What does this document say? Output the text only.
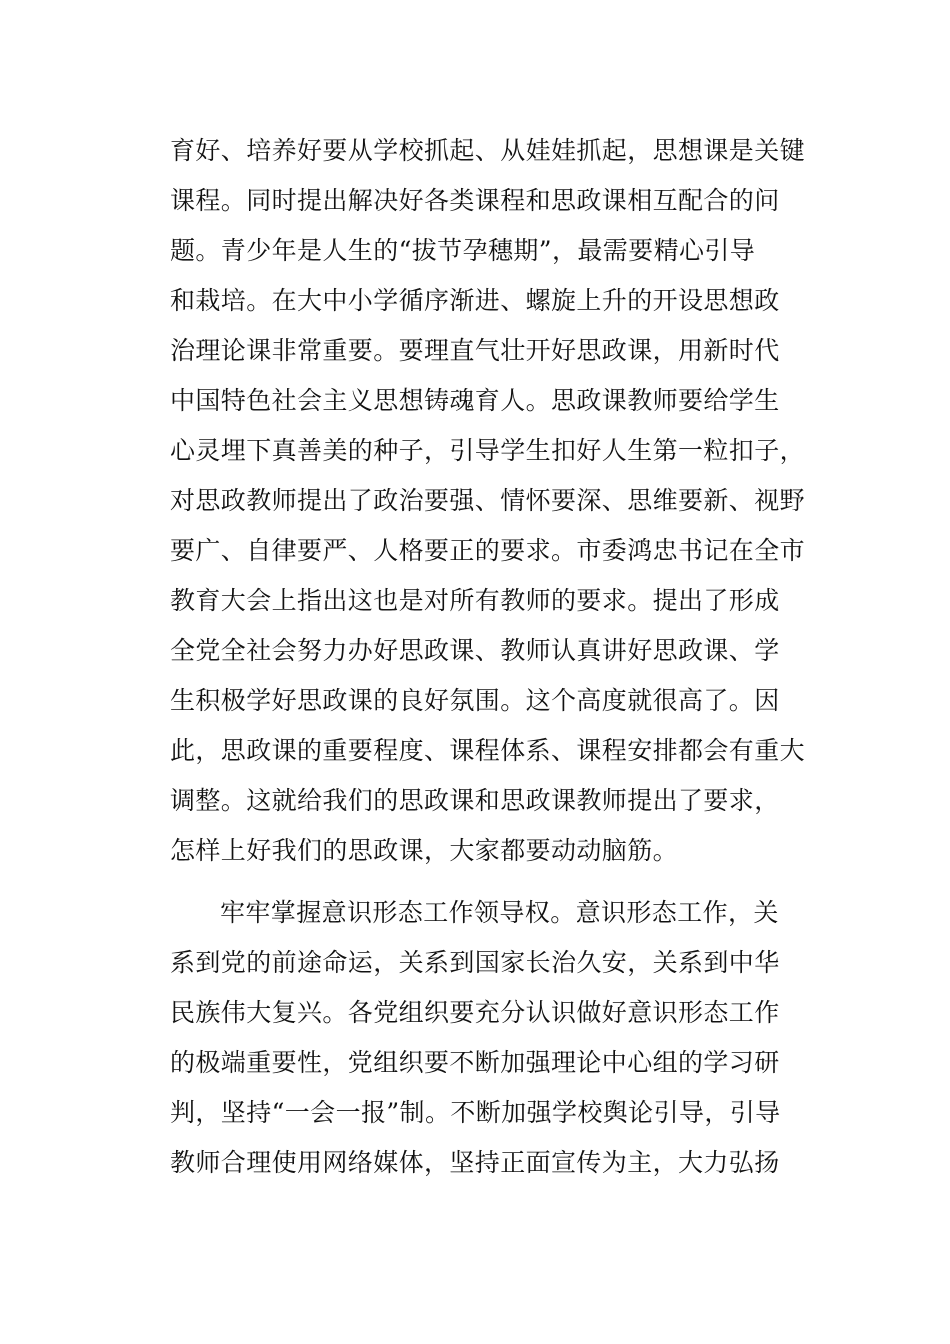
育好、培养好要从学校抓起、从娃娃抓起，思想课是关键
课程。同时提出解决好各类课程和思政课相互配合的问
题。青少年是人生的“拔节孕穗期”，最需要精心引导
和栽培。在大中小学循序渐进、螺旋上升的开设思想政
治理论课非常重要。要理直气壮开好思政课，用新时代
中国特色社会主义思想铸魂育人。思政课教师要给学生
心灵埋下真善美的种子，引导学生扣好人生第一粒扣子，
对思政教师提出了政治要强、情怀要深、思维要新、视野
要广、自律要严、人格要正的要求。市委鸿忠书记在全市
教育大会上指出这也是对所有教师的要求。提出了形成
全党全社会努力办好思政课、教师认真讲好思政课、学
生积极学好思政课的良好氛围。这个高度就很高了。因
此，思政课的重要程度、课程体系、课程安排都会有重大
调整。这就给我们的思政课和思政课教师提出了要求，
怎样上好我们的思政课，大家都要动动脑筋。
牢牢掌握意识形态工作领导权。意识形态工作，关
系到党的前途命运，关系到国家长治久安，关系到中华
民族伟大复兴。各党组织要充分认识做好意识形态工作
的极端重要性，党组织要不断加强理论中心组的学习研
判，坚持“一会一报”制。不断加强学校舆论引导，引导
教师合理使用网络媒体，坚持正面宣传为主，大力弘扬
